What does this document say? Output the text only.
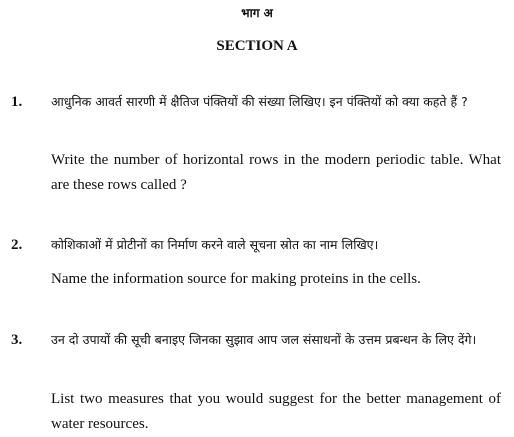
भाग अ
SECTION A
1. आधुनिक आवर्त सारणी में क्षैतिज पंक्तियों की संख्या लिखिए। इन पंक्तियों को क्या कहते हैं ?
Write the number of horizontal rows in the modern periodic table. What are these rows called ?
2. कोशिकाओं में प्रोटीनों का निर्माण करने वाले सूचना स्रोत का नाम लिखिए।
Name the information source for making proteins in the cells.
3. उन दो उपायों की सूची बनाइए जिनका सुझाव आप जल संसाधनों के उत्तम प्रबन्धन के लिए देंगे।
List two measures that you would suggest for the better management of water resources.
